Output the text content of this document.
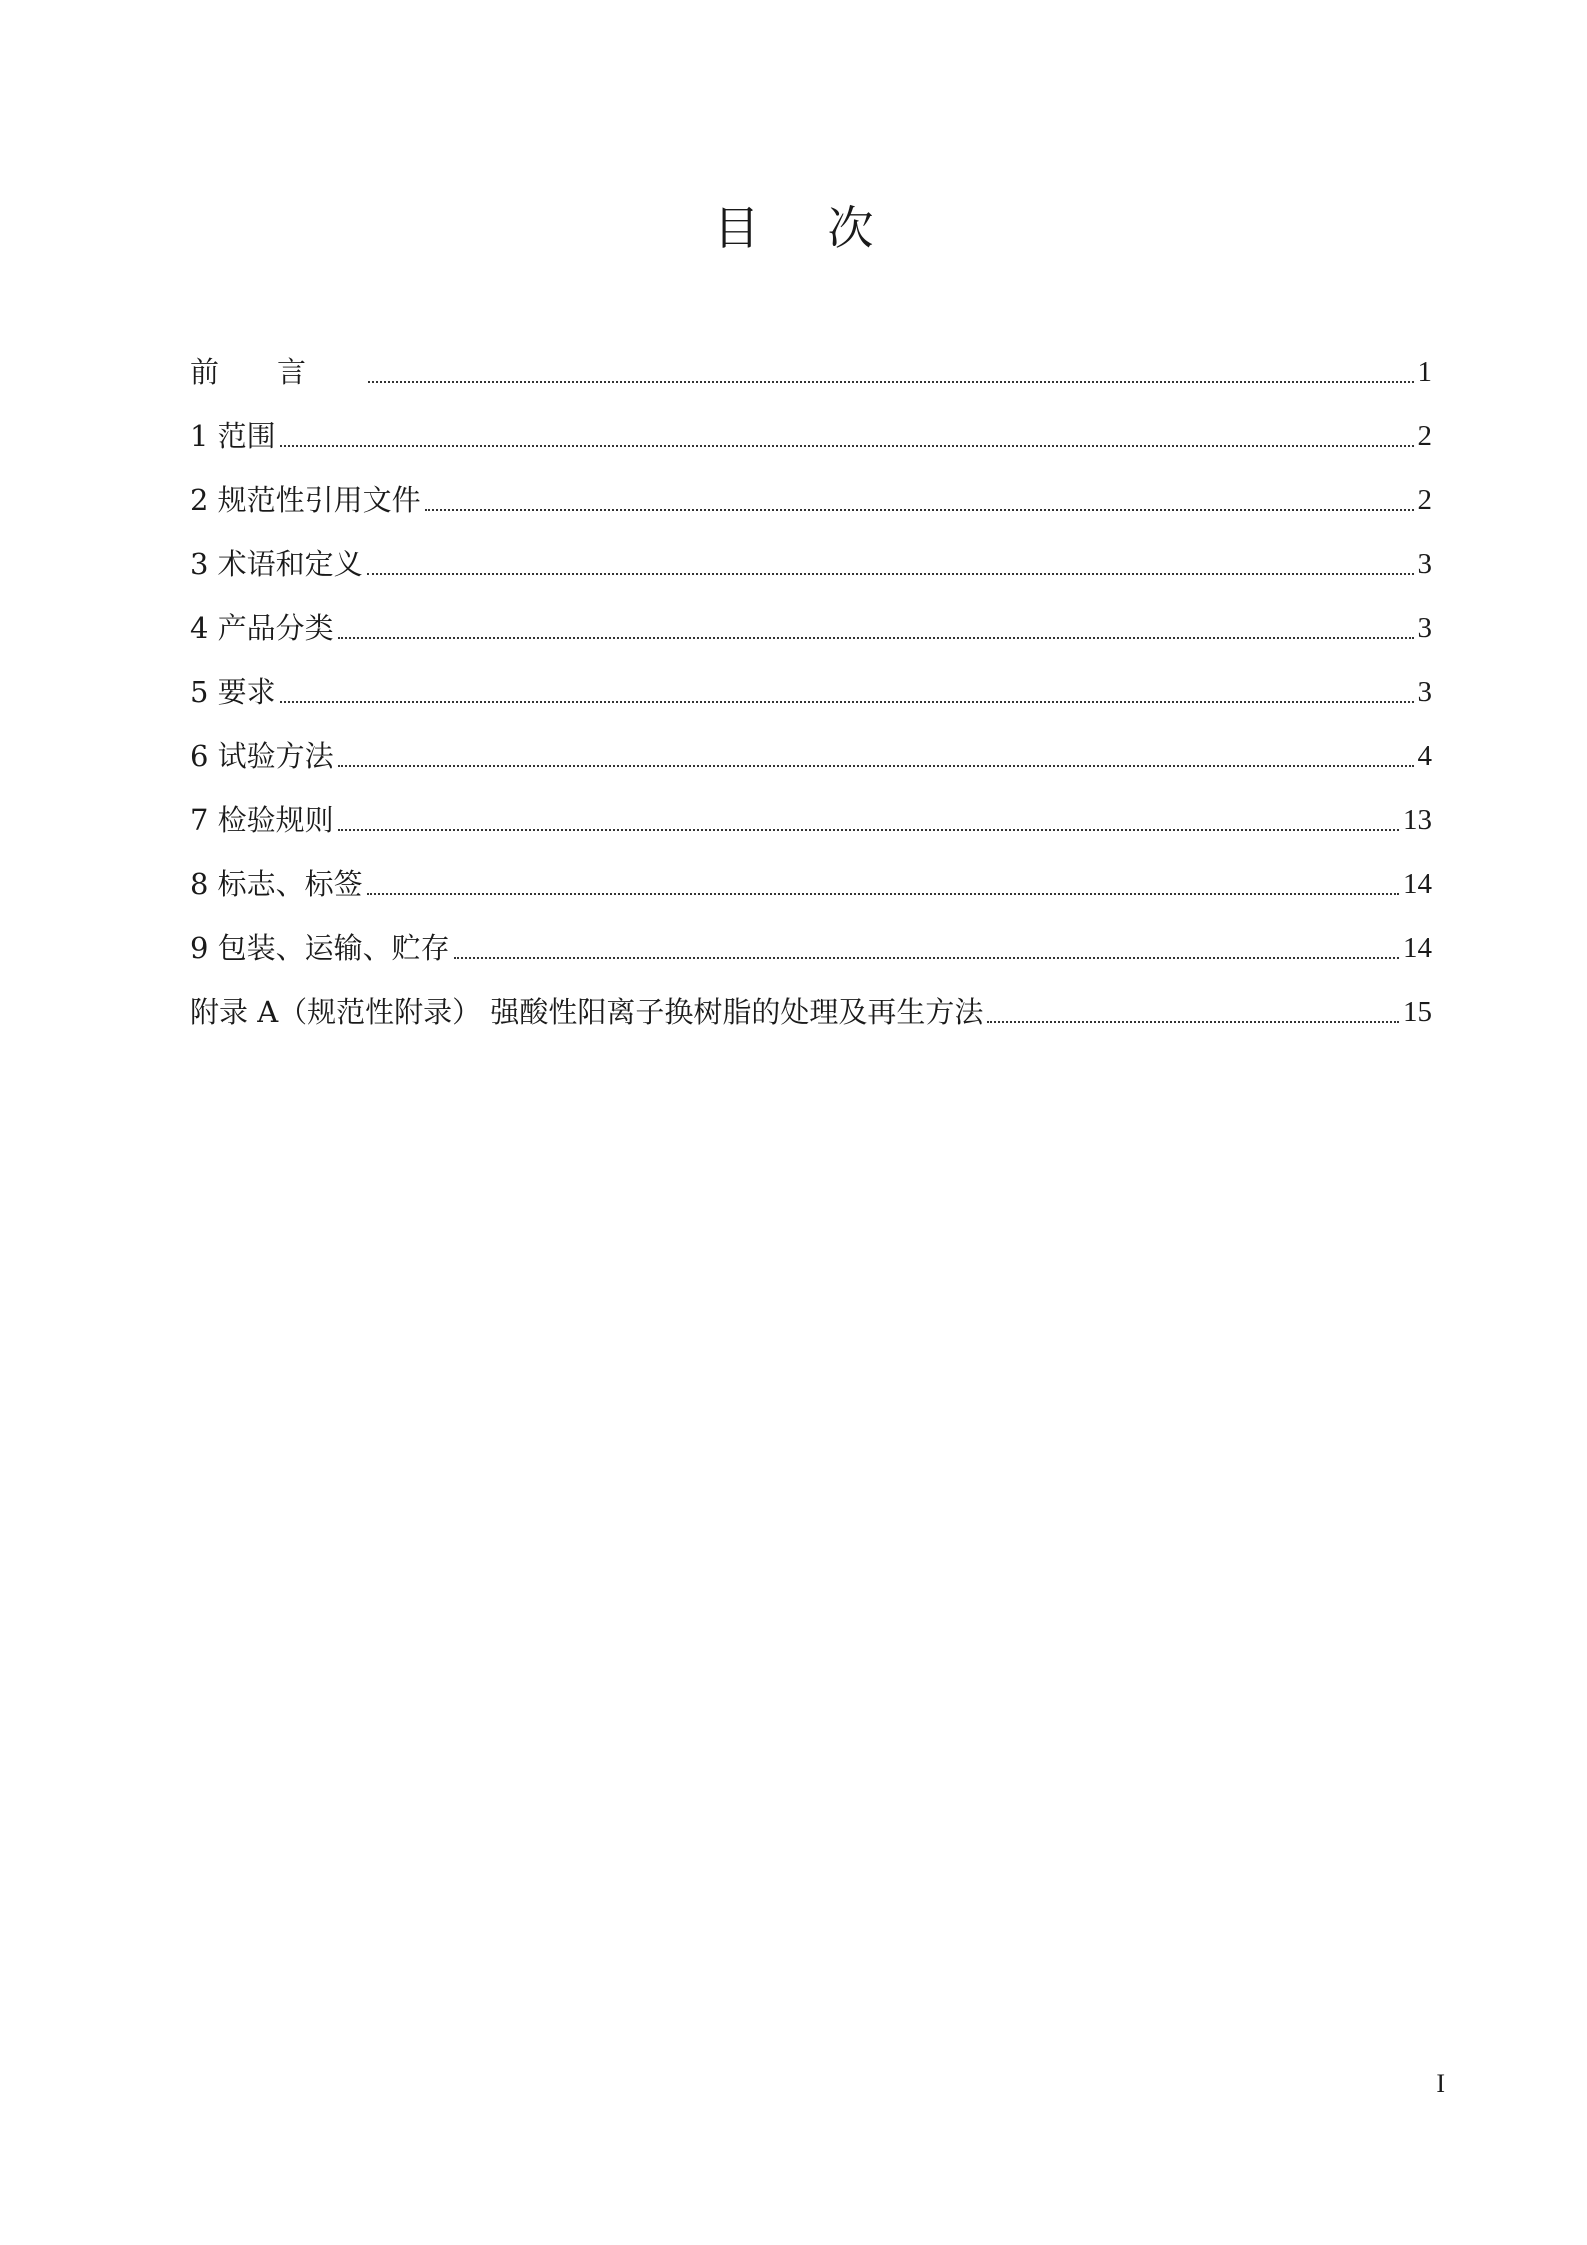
目次
前言	1
1 范围	2
2 规范性引用文件	2
3 术语和定义	3
4 产品分类	3
5 要求	3
6 试验方法	4
7 检验规则	13
8 标志、标签	14
9 包装、运输、贮存	14
附录 A（规范性附录） 强酸性阳离子换树脂的处理及再生方法	15
I
